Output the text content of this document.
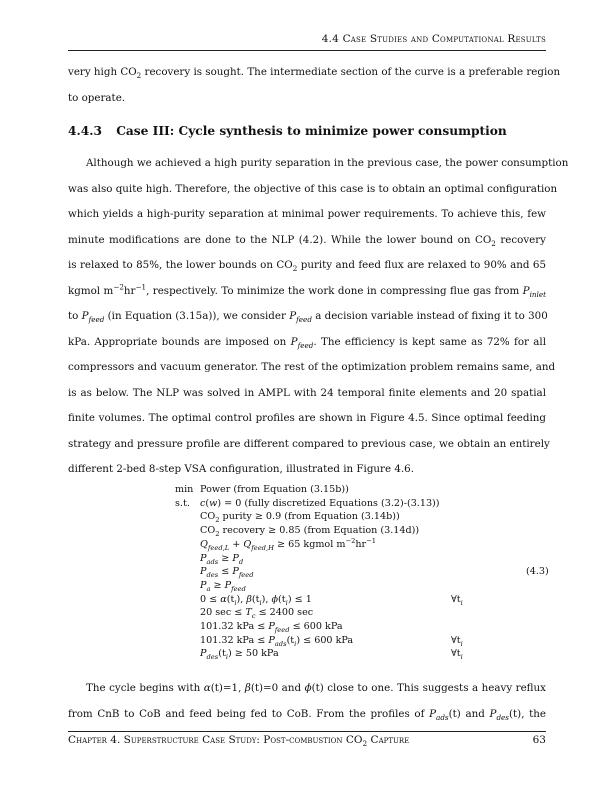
4.4 Case Studies and Computational Results
very high $CO_2$ recovery is sought. The intermediate section of the curve is a preferable region
to operate.
4.4.3 Case III: Cycle synthesis to minimize power consumption
Although we achieved a high purity separation in the previous case, the power consumption
was also quite high. Therefore, the objective of this case is to obtain an optimal configuration
which yields a high-purity separation at minimal power requirements. To achieve this, few
minute modifications are done to the NLP (4.2). While the lower bound on $CO_2$ recovery
is relaxed to 85%, the lower bounds on $CO_2$ purity and feed flux are relaxed to 90% and 65
kgmol $m^{-2}hr^{-1}$, respectively. To minimize the work done in compressing flue gas from $P_{inlet}$
to $P_{feed}$ (in Equation (3.15a)), we consider $P_{feed}$ a decision variable instead of fixing it to 300
kPa. Appropriate bounds are imposed on $P_{feed}$. The efficiency is kept same as 72% for all
compressors and vacuum generator. The rest of the optimization problem remains same, and
is as below. The NLP was solved in AMPL with 24 temporal finite elements and 20 spatial
finite volumes. The optimal control profiles are shown in Figure 4.5. Since optimal feeding
strategy and pressure profile are different compared to previous case, we obtain an entirely
different 2-bed 8-step VSA configuration, illustrated in Figure 4.6.
min Power (from Equation (3.15b))
s.t. c(w) = 0 (fully discretized Equations (3.2)-(3.13))
$CO_2$ purity ≥ 0.9 (from Equation (3.14b))
$CO_2$ recovery ≥ 0.85 (from Equation (3.14d))
$Q_{feed,L} + Q_{feed,H} \ge 65$ kgmol $m^{-2}hr^{-1}$
$P_{ads} \ge P_d$
$P_{des} \le P_{feed}$
$P_a \ge P_{feed}$
$0 \le \alpha(t_i)$, $\beta(t_i)$, $\phi(t_i) \le 1$	$\forall t_i$
20 $\sec \le T_c \le 2400$ sec
101.32 kPa ≤ $P_{feed} \le 600$ kPa
101.32 kPa ≤ $P_{ads}(t_i) \le 600$ kPa	$\forall t_i$
$P_{des}(t_i) \ge 50$ kPa	$\forall t_i$
(4.3)
The cycle begins with α(t)=1, β(t)=0 and ϕ(t) close to one. This suggests a heavy reflux
from CnB to CoB and feed being fed to CoB. From the profiles of $P_{ads}(t)$ and $P_{des}(t)$, the
Chapter 4. Superstructure Case Study: Post-combustion $CO_2$ Capture	63
